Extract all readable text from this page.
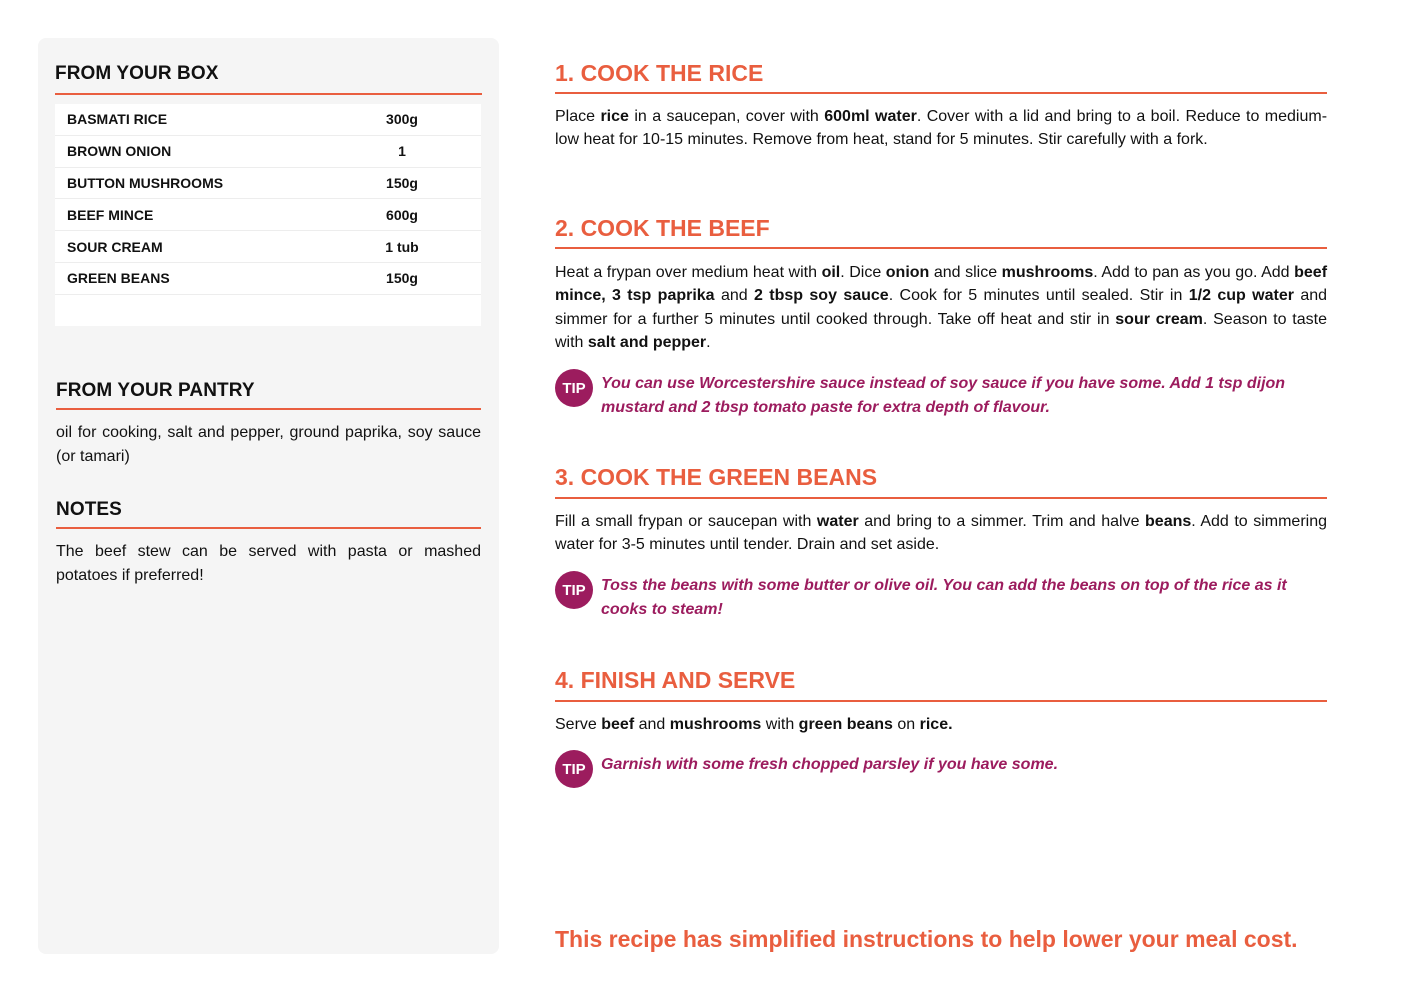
FROM YOUR BOX
BASMATI RICE	300g
BROWN ONION	1
BUTTON MUSHROOMS	150g
BEEF MINCE	600g
SOUR CREAM	1 tub
GREEN BEANS	150g
FROM YOUR PANTRY
oil for cooking, salt and pepper, ground paprika, soy sauce (or tamari)
NOTES
The beef stew can be served with pasta or mashed potatoes if preferred!
1. COOK THE RICE
Place rice in a saucepan, cover with 600ml water. Cover with a lid and bring to a boil. Reduce to medium-low heat for 10-15 minutes. Remove from heat, stand for 5 minutes. Stir carefully with a fork.
2. COOK THE BEEF
Heat a frypan over medium heat with oil. Dice onion and slice mushrooms. Add to pan as you go. Add beef mince, 3 tsp paprika and 2 tbsp soy sauce. Cook for 5 minutes until sealed. Stir in 1/2 cup water and simmer for a further 5 minutes until cooked through. Take off heat and stir in sour cream. Season to taste with salt and pepper.
TIP You can use Worcestershire sauce instead of soy sauce if you have some. Add 1 tsp dijon mustard and 2 tbsp tomato paste for extra depth of flavour.
3. COOK THE GREEN BEANS
Fill a small frypan or saucepan with water and bring to a simmer. Trim and halve beans. Add to simmering water for 3-5 minutes until tender. Drain and set aside.
TIP Toss the beans with some butter or olive oil. You can add the beans on top of the rice as it cooks to steam!
4. FINISH AND SERVE
Serve beef and mushrooms with green beans on rice.
TIP Garnish with some fresh chopped parsley if you have some.
This recipe has simplified instructions to help lower your meal cost.
